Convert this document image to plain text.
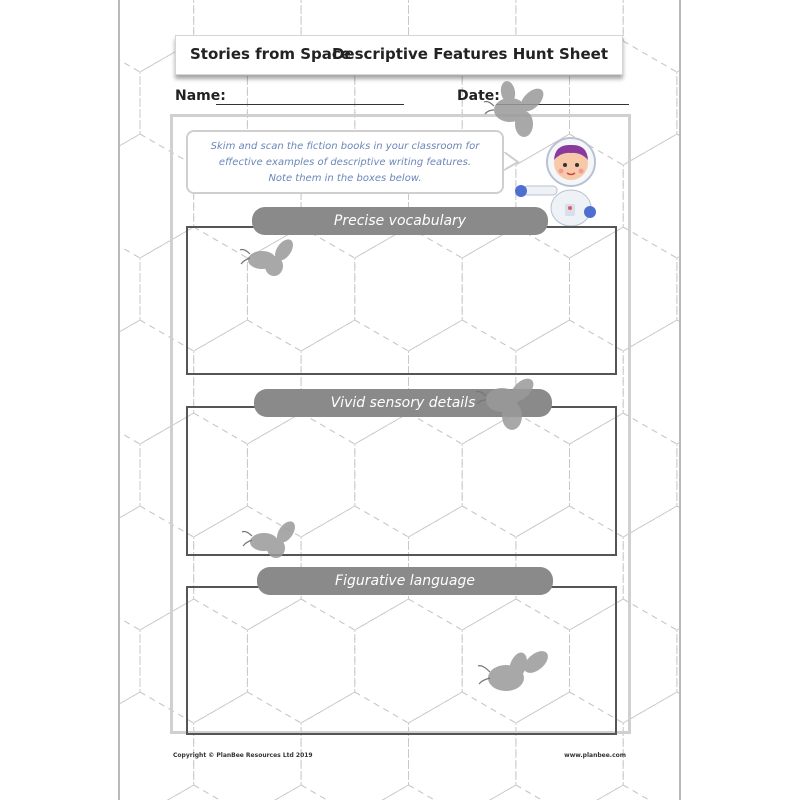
Stories from Space
Descriptive Features Hunt Sheet
Name:	Date:
Skim and scan the fiction books in your classroom for
effective examples of descriptive writing features.
Note them in the boxes below.
Precise vocabulary
Vivid sensory details
Figurative language
Copyright © PlanBee Resources Ltd 2019	www.planbee.com
